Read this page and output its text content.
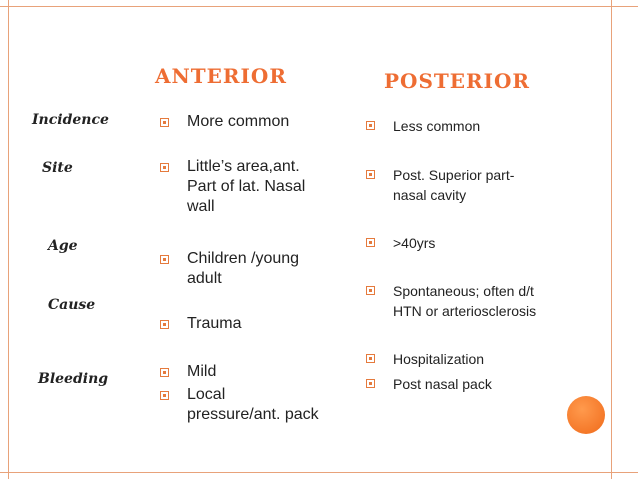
ANTERIOR	POSTERIOR
Incidence
Site
Age
Cause
Bleeding
More common
Little’s area,ant.
Part of lat. Nasal
wall
Children /young
adult
Trauma
Mild
Local
pressure/ant. pack
Less common
Post. Superior part-
nasal cavity
>40yrs
Spontaneous; often d/t
HTN or arteriosclerosis
Hospitalization
Post nasal pack
